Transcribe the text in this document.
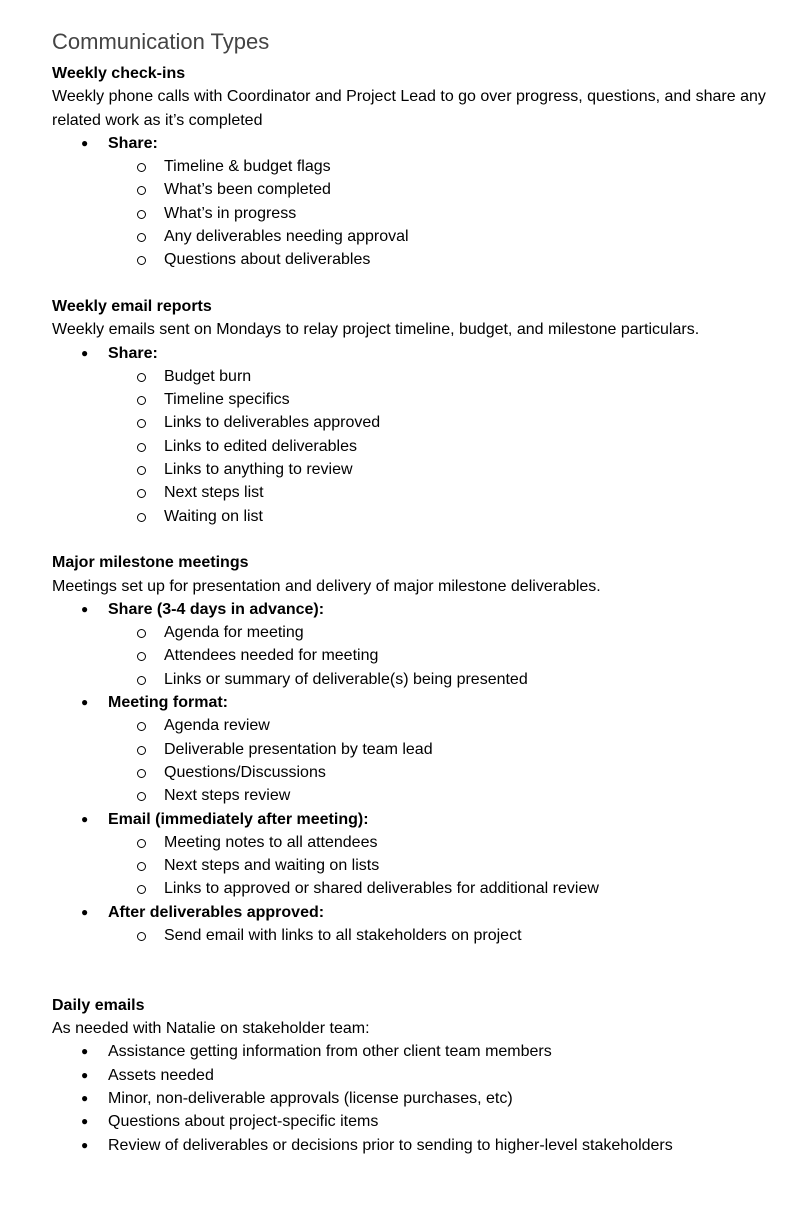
Communication Types
Weekly check-ins
Weekly phone calls with Coordinator and Project Lead to go over progress, questions, and share any related work as it’s completed
● Share:
Timeline & budget flags
What’s been completed
What’s in progress
Any deliverables needing approval
Questions about deliverables
Weekly email reports
Weekly emails sent on Mondays to relay project timeline, budget, and milestone particulars.
● Share:
Budget burn
Timeline specifics
Links to deliverables approved
Links to edited deliverables
Links to anything to review
Next steps list
Waiting on list
Major milestone meetings
Meetings set up for presentation and delivery of major milestone deliverables.
● Share (3-4 days in advance):
Agenda for meeting
Attendees needed for meeting
Links or summary of deliverable(s) being presented
● Meeting format:
Agenda review
Deliverable presentation by team lead
Questions/Discussions
Next steps review
● Email (immediately after meeting):
Meeting notes to all attendees
Next steps and waiting on lists
Links to approved or shared deliverables for additional review
● After deliverables approved:
Send email with links to all stakeholders on project
Daily emails
As needed with Natalie on stakeholder team:
● Assistance getting information from other client team members
● Assets needed
● Minor, non-deliverable approvals (license purchases, etc)
● Questions about project-specific items
● Review of deliverables or decisions prior to sending to higher-level stakeholders
